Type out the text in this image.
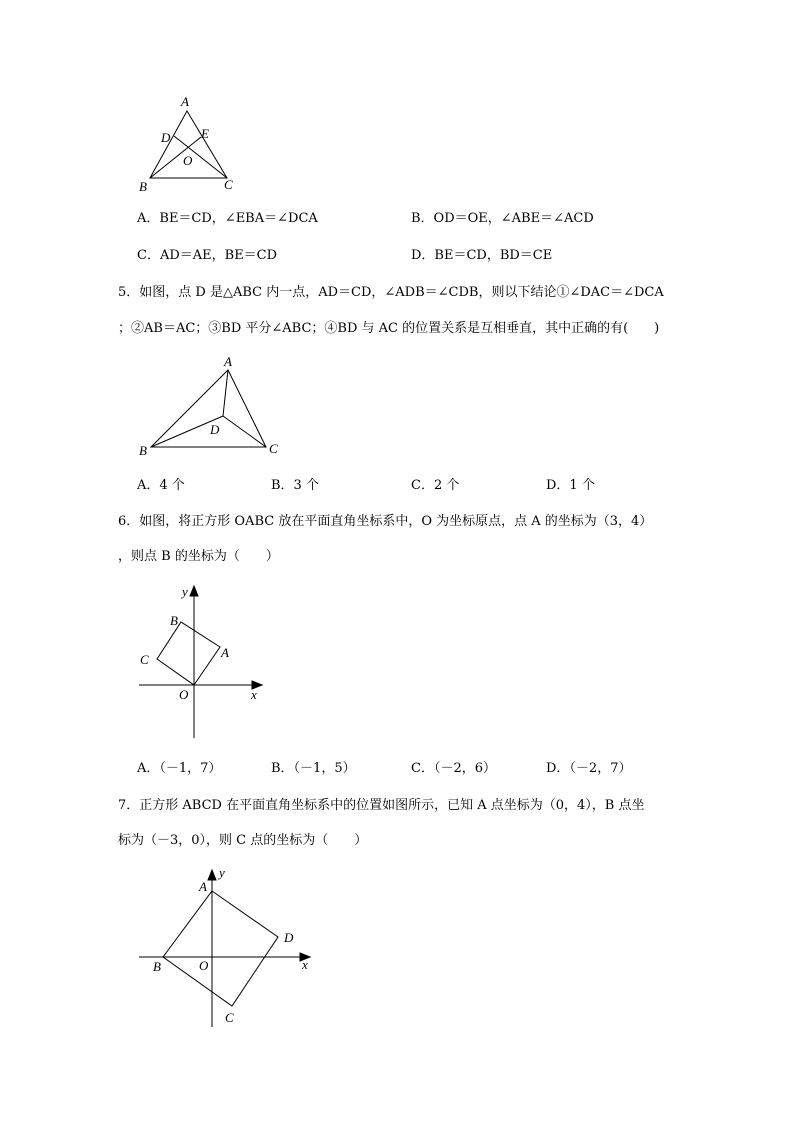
A
D E
O
B	C
A．BE＝CD，∠EBA＝∠DCA	B．OD＝OE，∠ABE＝∠ACD
C．AD＝AE，BE＝CD	D．BE＝CD，BD＝CE
5．如图，点 D 是△ABC 内一点，AD＝CD，∠ADB＝∠CDB，则以下结论①∠DAC＝∠DCA
；②AB＝AC；③BD 平分∠ABC；④BD 与 AC 的位置关系是互相垂直，其中正确的有(　　)
A
B	C
D
A．4 个	B．3 个	C．2 个	D．1 个
6．如图，将正方形 OABC 放在平面直角坐标系中，O 为坐标原点，点 A 的坐标为（3，4）
，则点 B 的坐标为（　　）
y
B
A
C
O	x
A．（－1，7）	B．（－1，5）	C．（－2，6）	D．（－2，7）
7．正方形 ABCD 在平面直角坐标系中的位置如图所示，已知 A 点坐标为（0，4），B 点坐
标为（－3，0），则 C 点的坐标为（　　）
A
y
D
B	O	x
C
